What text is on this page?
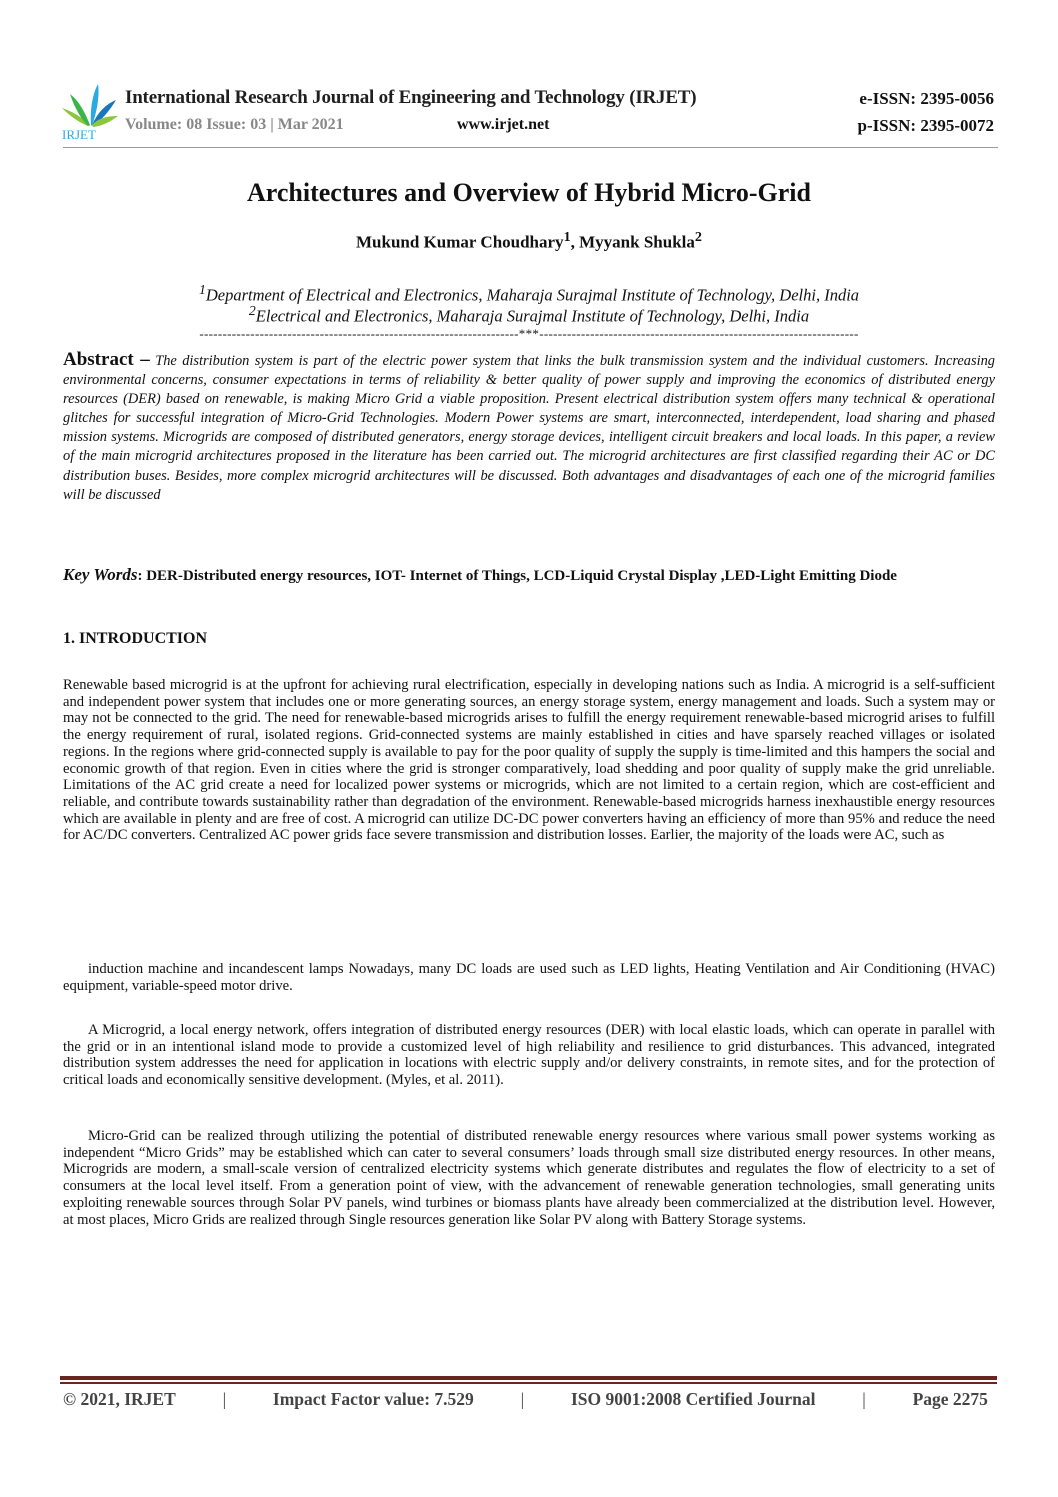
IRJET
International Research Journal of Engineering and Technology (IRJET)	e-ISSN: 2395-0056
Volume: 08 Issue: 03 | Mar 2021	www.irjet.net	p-ISSN: 2395-0072
Architectures and Overview of Hybrid Micro-Grid
Mukund Kumar Choudhary$^1$, Myyank Shukla$^2$
$^1$Department of Electrical and Electronics, Maharaja Surajmal Institute of Technology, Delhi, India
$^2$Electrical and Electronics, Maharaja Surajmal Institute of Technology, Delhi, India
---------------------------------------------------------------------***---------------------------------------------------------------------
Abstract – The distribution system is part of the electric power system that links the bulk transmission system and the individual customers. Increasing environmental concerns, consumer expectations in terms of reliability & better quality of power supply and improving the economics of distributed energy resources (DER) based on renewable, is making Micro Grid a viable proposition. Present electrical distribution system offers many technical & operational glitches for successful integration of Micro-Grid Technologies. Modern Power systems are smart, interconnected, interdependent, load sharing and phased mission systems. Microgrids are composed of distributed generators, energy storage devices, intelligent circuit breakers and local loads. In this paper, a review of the main microgrid architectures proposed in the literature has been carried out. The microgrid architectures are first classified regarding their AC or DC distribution buses. Besides, more complex microgrid architectures will be discussed. Both advantages and disadvantages of each one of the microgrid families will be discussed
Key Words: DER-Distributed energy resources, IOT- Internet of Things, LCD-Liquid Crystal Display ,LED-Light Emitting Diode
1. INTRODUCTION
Renewable based microgrid is at the upfront for achieving rural electrification, especially in developing nations such as India. A microgrid is a self-sufficient and independent power system that includes one or more generating sources, an energy storage system, energy management and loads. Such a system may or may not be connected to the grid. The need for renewable-based microgrids arises to fulfill the energy requirement renewable-based microgrid arises to fulfill the energy requirement of rural, isolated regions. Grid-connected systems are mainly established in cities and have sparsely reached villages or isolated regions. In the regions where grid-connected supply is available to pay for the poor quality of supply the supply is time-limited and this hampers the social and economic growth of that region. Even in cities where the grid is stronger comparatively, load shedding and poor quality of supply make the grid unreliable. Limitations of the AC grid create a need for localized power systems or microgrids, which are not limited to a certain region, which are cost-efficient and reliable, and contribute towards sustainability rather than degradation of the environment. Renewable-based microgrids harness inexhaustible energy resources which are available in plenty and are free of cost. A microgrid can utilize DC-DC power converters having an efficiency of more than 95% and reduce the need for AC/DC converters. Centralized AC power grids face severe transmission and distribution losses. Earlier, the majority of the loads were AC, such as
induction machine and incandescent lamps Nowadays, many DC loads are used such as LED lights, Heating Ventilation and Air Conditioning (HVAC) equipment, variable-speed motor drive.
A Microgrid, a local energy network, offers integration of distributed energy resources (DER) with local elastic loads, which can operate in parallel with the grid or in an intentional island mode to provide a customized level of high reliability and resilience to grid disturbances. This advanced, integrated distribution system addresses the need for application in locations with electric supply and/or delivery constraints, in remote sites, and for the protection of critical loads and economically sensitive development. (Myles, et al. 2011).
Micro-Grid can be realized through utilizing the potential of distributed renewable energy resources where various small power systems working as independent “Micro Grids” may be established which can cater to several consumers’ loads through small size distributed energy resources. In other means, Microgrids are modern, a small-scale version of centralized electricity systems which generate distributes and regulates the flow of electricity to a set of consumers at the local level itself. From a generation point of view, with the advancement of renewable generation technologies, small generating units exploiting renewable sources through Solar PV panels, wind turbines or biomass plants have already been commercialized at the distribution level. However, at most places, Micro Grids are realized through Single resources generation like Solar PV along with Battery Storage systems.
© 2021, IRJET	|	Impact Factor value: 7.529	|	ISO 9001:2008 Certified Journal	|	Page 2275
